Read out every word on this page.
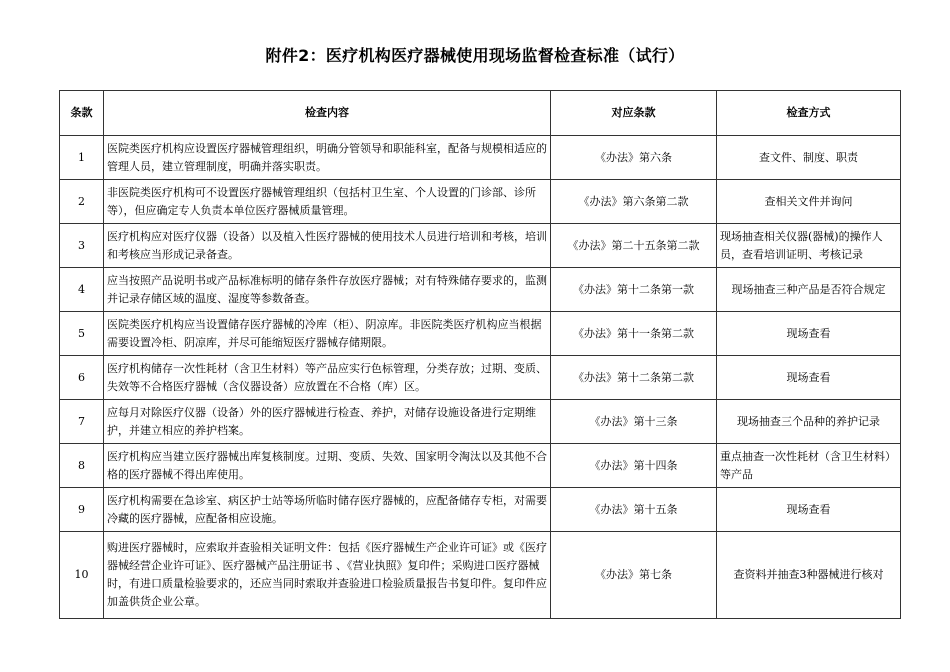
附件2：医疗机构医疗器械使用现场监督检查标准（试行）
条款	检查内容	对应条款	检查方式
1	医院类医疗机构应设置医疗器械管理组织，明确分管领导和职能科室，配备与规模相适应的管理人员，建立管理制度，明确并落实职责。	《办法》第六条	查文件、制度、职责
2	非医院类医疗机构可不设置医疗器械管理组织（包括村卫生室、个人设置的门诊部、诊所等），但应确定专人负责本单位医疗器械质量管理。	《办法》第六条第二款	查相关文件并询问
3	医疗机构应对医疗仪器（设备）以及植入性医疗器械的使用技术人员进行培训和考核，培训和考核应当形成记录备查。	《办法》第二十五条第二款	现场抽查相关仪器(器械)的操作人员，查看培训证明、考核记录
4	应当按照产品说明书或产品标准标明的储存条件存放医疗器械；对有特殊储存要求的，监测并记录存储区域的温度、湿度等参数备查。	《办法》第十二条第一款	现场抽查三种产品是否符合规定
5	医院类医疗机构应当设置储存医疗器械的冷库（柜）、阴凉库。非医院类医疗机构应当根据需要设置冷柜、阴凉库，并尽可能缩短医疗器械存储期限。	《办法》第十一条第二款	现场查看
6	医疗机构储存一次性耗材（含卫生材料）等产品应实行色标管理，分类存放；过期、变质、失效等不合格医疗器械（含仪器设备）应放置在不合格（库）区。	《办法》第十二条第二款	现场查看
7	应每月对除医疗仪器（设备）外的医疗器械进行检查、养护，对储存设施设备进行定期维护，并建立相应的养护档案。	《办法》第十三条	现场抽查三个品种的养护记录
8	医疗机构应当建立医疗器械出库复核制度。过期、变质、失效、国家明令淘汰以及其他不合格的医疗器械不得出库使用。	《办法》第十四条	重点抽查一次性耗材（含卫生材料）等产品
9	医疗机构需要在急诊室、病区护士站等场所临时储存医疗器械的，应配备储存专柜，对需要冷藏的医疗器械，应配备相应设施。	《办法》第十五条	现场查看
10	购进医疗器械时，应索取并查验相关证明文件：包括《医疗器械生产企业许可证》或《医疗器械经营企业许可证》、医疗器械产品注册证书 、《营业执照》复印件；采购进口医疗器械时，有进口质量检验要求的，还应当同时索取并查验进口检验质量报告书复印件。复印件应加盖供货企业公章。	《办法》第七条	查资料并抽查3种器械进行核对
